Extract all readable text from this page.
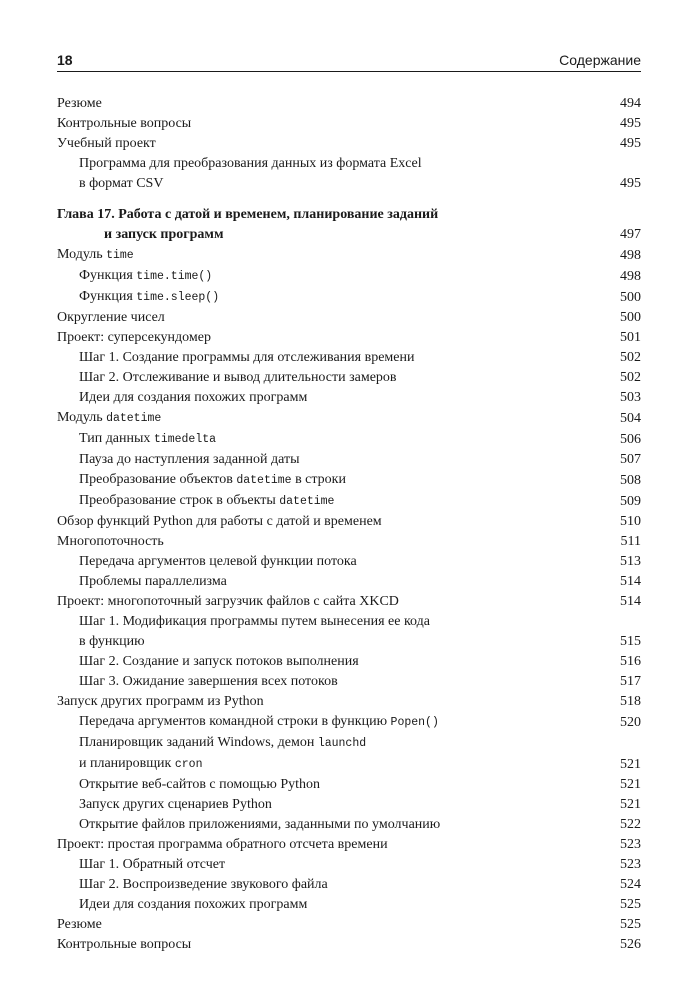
18	Содержание
Резюме	494
Контрольные вопросы	495
Учебный проект	495
Программа для преобразования данных из формата Excel
в формат CSV	495
Глава 17. Работа с датой и временем, планирование заданий
и запуск программ	497
Модуль time	498
Функция time.time()	498
Функция time.sleep()	500
Округление чисел	500
Проект: суперсекундомер	501
Шаг 1. Создание программы для отслеживания времени	502
Шаг 2. Отслеживание и вывод длительности замеров	502
Идеи для создания похожих программ	503
Модуль datetime	504
Тип данных timedelta	506
Пауза до наступления заданной даты	507
Преобразование объектов datetime в строки	508
Преобразование строк в объекты datetime	509
Обзор функций Python для работы с датой и временем	510
Многопоточность	511
Передача аргументов целевой функции потока	513
Проблемы параллелизма	514
Проект: многопоточный загрузчик файлов с сайта XKCD	514
Шаг 1. Модификация программы путем вынесения ее кода
в функцию	515
Шаг 2. Создание и запуск потоков выполнения	516
Шаг 3. Ожидание завершения всех потоков	517
Запуск других программ из Python	518
Передача аргументов командной строки в функцию Popen()	520
Планировщик заданий Windows, демон launchd
и планировщик cron	521
Открытие веб-сайтов с помощью Python	521
Запуск других сценариев Python	521
Открытие файлов приложениями, заданными по умолчанию	522
Проект: простая программа обратного отсчета времени	523
Шаг 1. Обратный отсчет	523
Шаг 2. Воспроизведение звукового файла	524
Идеи для создания похожих программ	525
Резюме	525
Контрольные вопросы	526
